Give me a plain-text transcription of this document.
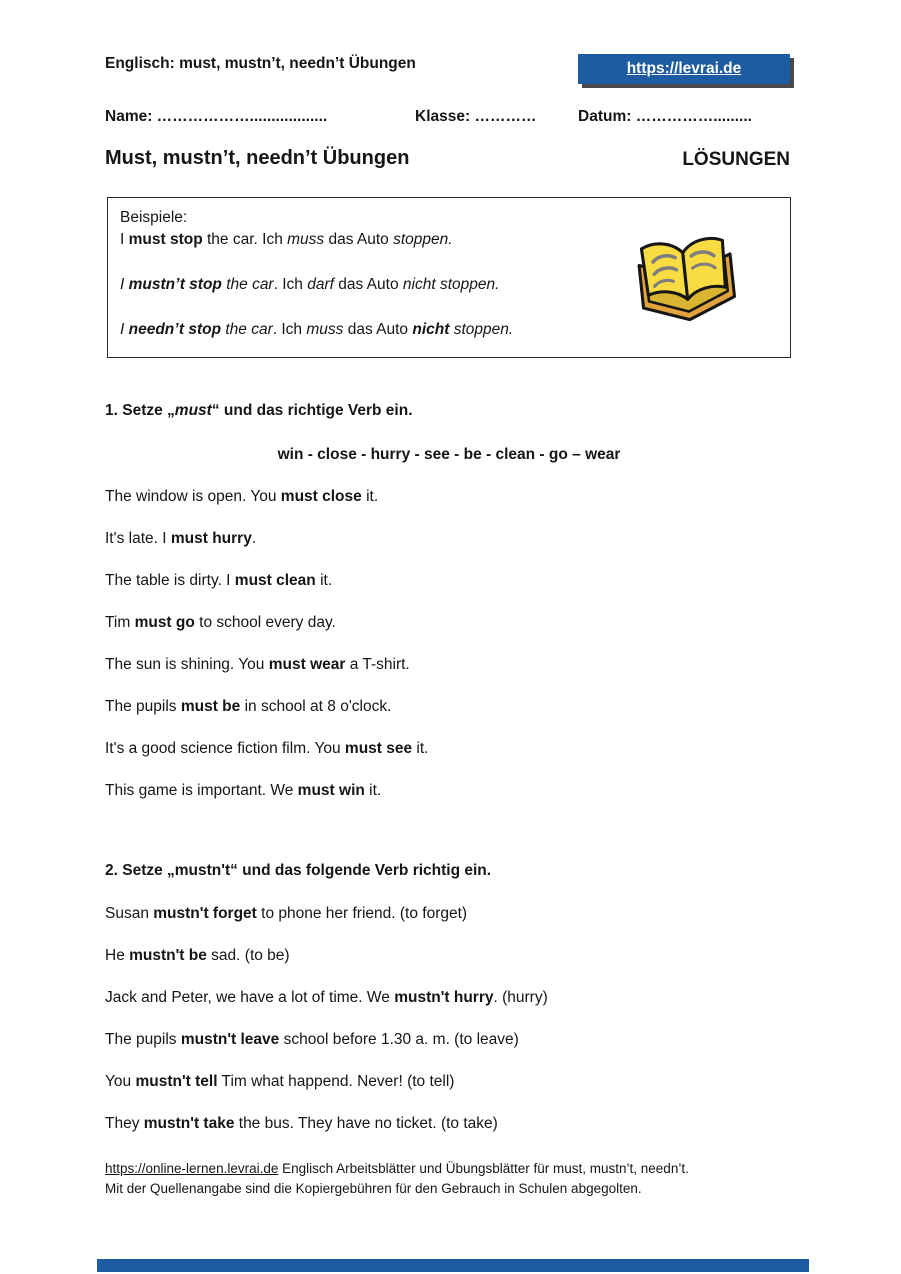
Englisch: must, mustn’t, needn’t Übungen	https://levrai.de
Name: ………………..................	Klasse: …………	Datum: …………….........
Must, mustn’t, needn’t Übungen	LÖSUNGEN

Beispiele:

I must stop the car. Ich muss das Auto stoppen.

I mustn’t stop the car. Ich darf das Auto nicht stoppen.

I needn’t stop the car. Ich muss das Auto nicht stoppen.

1. Setze „must“ und das richtige Verb ein.

win - close - hurry - see - be - clean - go – wear

The window is open. You must close it.

It's late. I must hurry.

The table is dirty. I must clean it.

Tim must go to school every day.

The sun is shining. You must wear a T-shirt.

The pupils must be in school at 8 o'clock.

It's a good science fiction film. You must see it.

This game is important. We must win it.

2. Setze „mustn't“ und das folgende Verb richtig ein.

Susan mustn't forget to phone her friend. (to forget)

He mustn't be sad. (to be)

Jack and Peter, we have a lot of time. We mustn't hurry. (hurry)

The pupils mustn't leave school before 1.30 a. m. (to leave)

You mustn't tell Tim what happend. Never! (to tell)

They mustn't take the bus. They have no ticket. (to take)

https://online-lernen.levrai.de Englisch Arbeitsblätter und Übungsblätter für must, mustn’t, needn’t.

Mit der Quellenangabe sind die Kopiergebühren für den Gebrauch in Schulen abgegolten.
